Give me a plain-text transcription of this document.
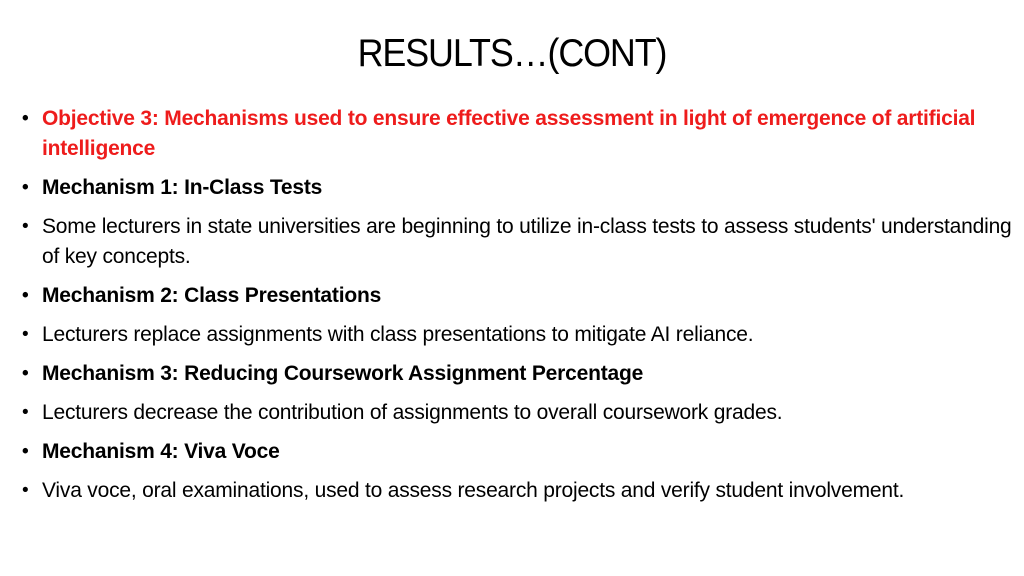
RESULTS…(CONT)
• Objective 3: Mechanisms used to ensure effective assessment in light of emergence of artificial intelligence
• Mechanism 1: In-Class Tests
• Some lecturers in state universities are beginning to utilize in-class tests to assess students' understanding of key concepts.
• Mechanism 2: Class Presentations
• Lecturers replace assignments with class presentations to mitigate AI reliance.
• Mechanism 3: Reducing Coursework Assignment Percentage
• Lecturers decrease the contribution of assignments to overall coursework grades.
• Mechanism 4: Viva Voce
• Viva voce, oral examinations, used to assess research projects and verify student involvement.
